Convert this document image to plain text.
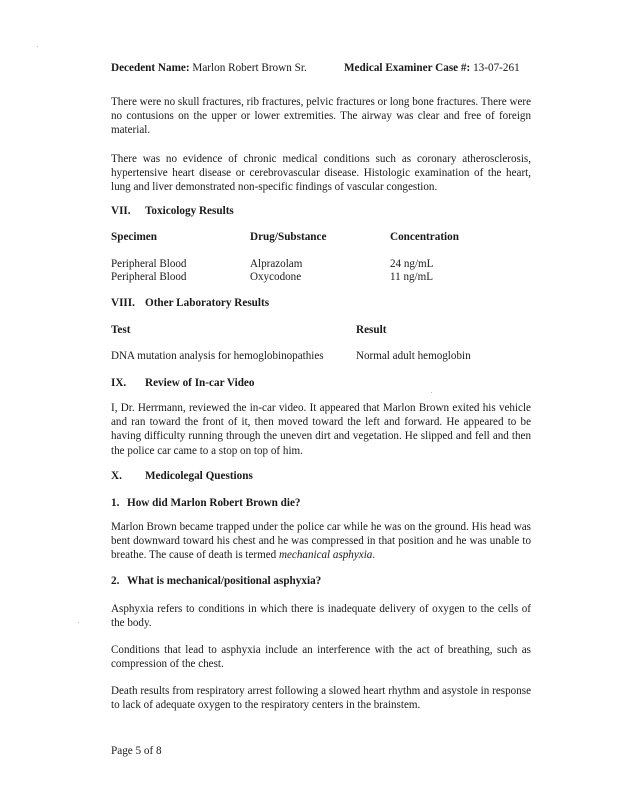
Decedent Name: Marlon Robert Brown Sr.	Medical Examiner Case #: 13-07-261

There were no skull fractures, rib fractures, pelvic fractures or long bone fractures. There were no contusions on the upper or lower extremities. The airway was clear and free of foreign material.

There was no evidence of chronic medical conditions such as coronary atherosclerosis, hypertensive heart disease or cerebrovascular disease. Histologic examination of the heart, lung and liver demonstrated non-specific findings of vascular congestion.

VII. Toxicology Results
Specimen	Drug/Substance	Concentration
Peripheral Blood	Alprazolam	24 ng/mL
Peripheral Blood	Oxycodone	11 ng/mL
VIII. Other Laboratory Results
Test	Result
DNA mutation analysis for hemoglobinopathies	Normal adult hemoglobin
IX. Review of In-car Video

I, Dr. Herrmann, reviewed the in-car video. It appeared that Marlon Brown exited his vehicle and ran toward the front of it, then moved toward the left and forward. He appeared to be having difficulty running through the uneven dirt and vegetation. He slipped and fell and then the police car came to a stop on top of him.

X. Medicolegal Questions
1. How did Marlon Robert Brown die?

Marlon Brown became trapped under the police car while he was on the ground. His head was bent downward toward his chest and he was compressed in that position and he was unable to breathe. The cause of death is termed mechanical asphyxia.

2. What is mechanical/positional asphyxia?

Asphyxia refers to conditions in which there is inadequate delivery of oxygen to the cells of the body.

Conditions that lead to asphyxia include an interference with the act of breathing, such as compression of the chest.

Death results from respiratory arrest following a slowed heart rhythm and asystole in response to lack of adequate oxygen to the respiratory centers in the brainstem.

Page 5 of 8
